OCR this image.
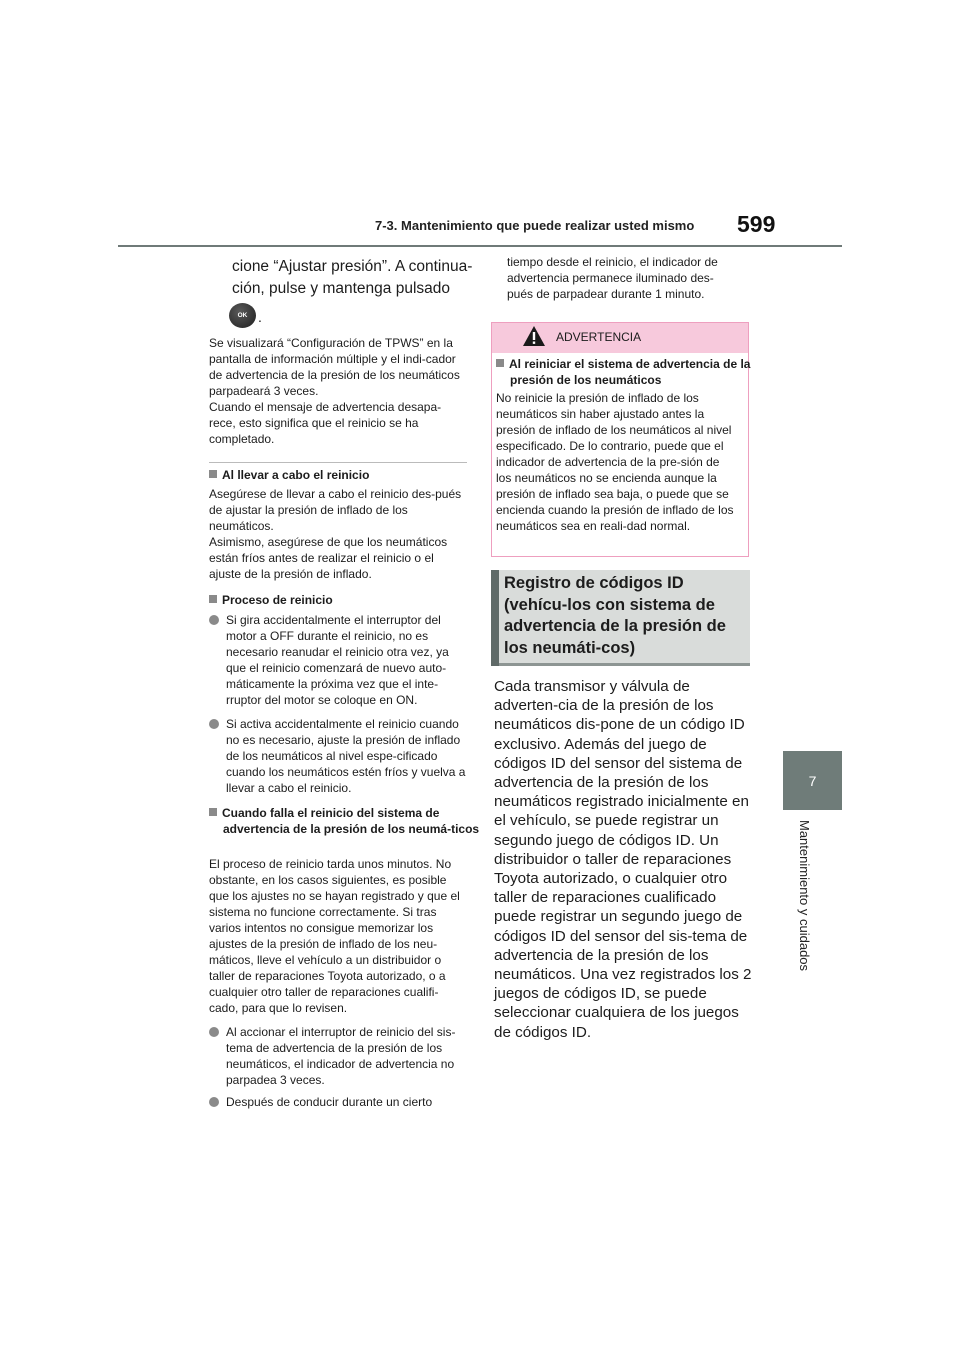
7-3. Mantenimiento que puede realizar usted mismo 599
7
Mantenimiento y cuidados
cione “Ajustar presión”. A continua-
ción, pulse y mantenga pulsado
OK .
Se visualizará “Configuración de TPWS” en la pantalla de información múltiple y el indi-cador de advertencia de la presión de los neumáticos parpadeará 3 veces.
Cuando el mensaje de advertencia desapa-rece, esto significa que el reinicio se ha completado.
Al llevar a cabo el reinicio
Asegúrese de llevar a cabo el reinicio des-pués de ajustar la presión de inflado de los neumáticos.
Asimismo, asegúrese de que los neumáticos están fríos antes de realizar el reinicio o el ajuste de la presión de inflado.
Proceso de reinicio
Si gira accidentalmente el interruptor del motor a OFF durante el reinicio, no es necesario reanudar el reinicio otra vez, ya que el reinicio comenzará de nuevo auto-máticamente la próxima vez que el inte-rruptor del motor se coloque en ON.
Si activa accidentalmente el reinicio cuando no es necesario, ajuste la presión de inflado de los neumáticos al nivel espe-cificado cuando los neumáticos estén fríos y vuelva a llevar a cabo el reinicio.
Cuando falla el reinicio del sistema de advertencia de la presión de los neumá-ticos
El proceso de reinicio tarda unos minutos. No obstante, en los casos siguientes, es posible que los ajustes no se hayan registrado y que el sistema no funcione correctamente. Si tras varios intentos no consigue memorizar los ajustes de la presión de inflado de los neu-máticos, lleve el vehículo a un distribuidor o taller de reparaciones Toyota autorizado, o a cualquier otro taller de reparaciones cualifi-cado, para que lo revisen.
Al accionar el interruptor de reinicio del sis-tema de advertencia de la presión de los neumáticos, el indicador de advertencia no parpadea 3 veces.
Después de conducir durante un cierto
tiempo desde el reinicio, el indicador de advertencia permanece iluminado des-pués de parpadear durante 1 minuto.
ADVERTENCIA
Al reiniciar el sistema de advertencia de la presión de los neumáticos
No reinicie la presión de inflado de los neumáticos sin haber ajustado antes la presión de inflado de los neumáticos al nivel especificado. De lo contrario, puede que el indicador de advertencia de la pre-sión de los neumáticos no se encienda aunque la presión de inflado sea baja, o puede que se encienda cuando la presión de inflado de los neumáticos sea en reali-dad normal.
Registro de códigos ID (vehícu-los con sistema de advertencia de la presión de los neumáti-cos)
Cada transmisor y válvula de adverten-cia de la presión de los neumáticos dis-pone de un código ID exclusivo. Además del juego de códigos ID del sensor del sistema de advertencia de la presión de los neumáticos registrado inicialmente en el vehículo, se puede registrar un segundo juego de códigos ID. Un distribuidor o taller de reparaciones Toyota autorizado, o cualquier otro taller de reparaciones cualificado puede registrar un segundo juego de códigos ID del sensor del sis-tema de advertencia de la presión de los neumáticos. Una vez registrados los 2 juegos de códigos ID, se puede seleccionar cualquiera de los juegos de códigos ID.
